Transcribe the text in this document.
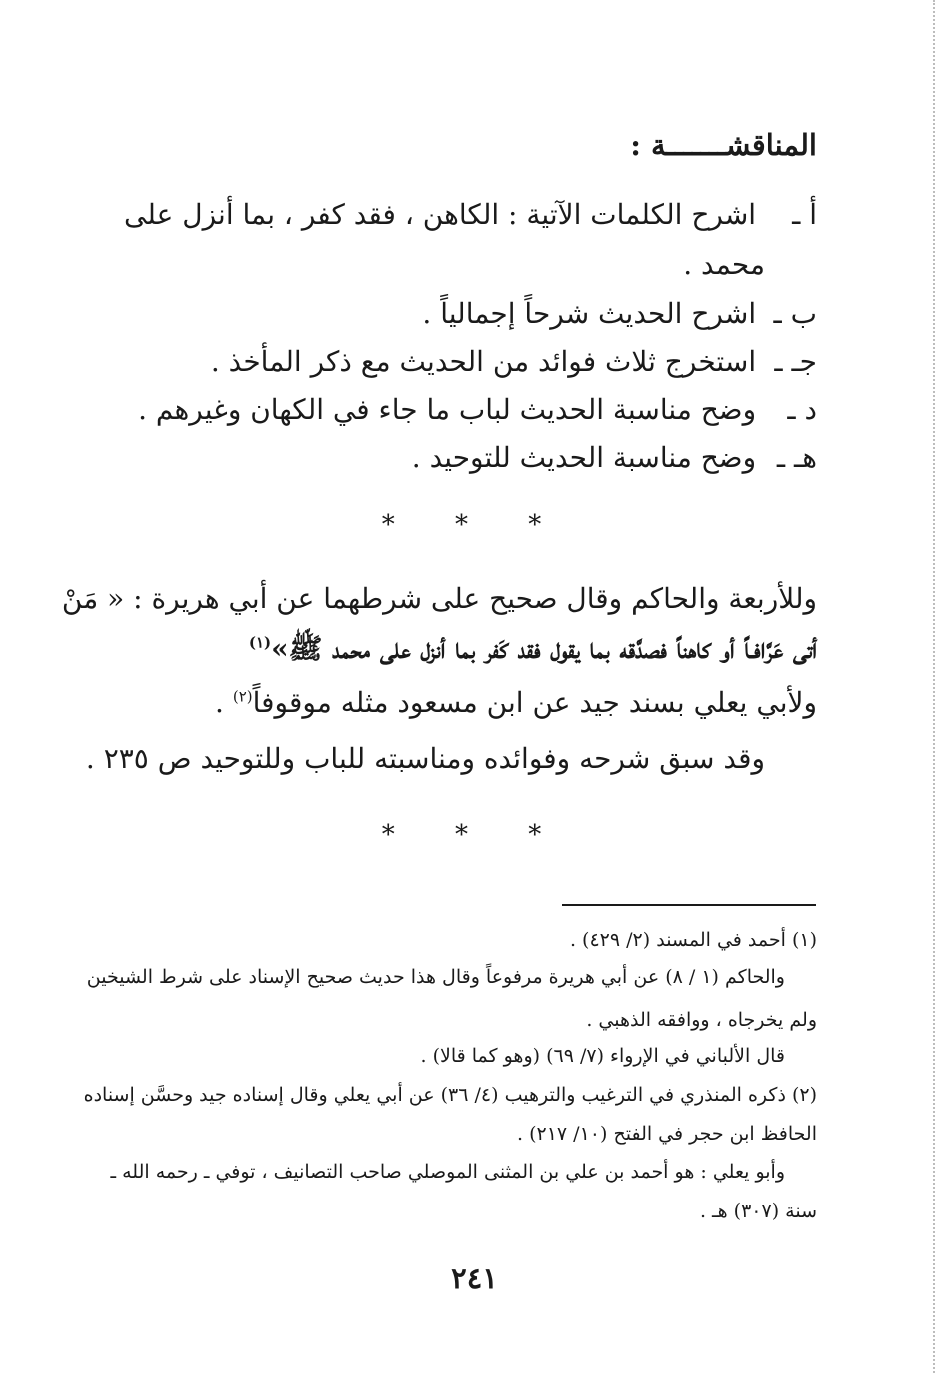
المناقشـــــــة :
أ ـ اشرح الكلمات الآتية : الكاهن ، فقد كفر ، بما أنزل على
محمد .
ب ـ اشرح الحديث شرحاً إجمالياً .
جـ ـ استخرج ثلاث فوائد من الحديث مع ذكر المأخذ .
د ـ وضح مناسبة الحديث لباب ما جاء في الكهان وغيرهم .
هـ ـ وضح مناسبة الحديث للتوحيد .
* * *
وللأربعة والحاكم وقال صحيح على شرطهما عن أبي هريرة : « مَنْ
أتى عَرَّافـاً أو كاهناً فصدَّقه بما يقول فقد كَفر بما أنزل على محمد ﷺ»$^{(١)}$
ولأبي يعلي بسند جيد عن ابن مسعود مثله موقوفاً$^{(٢)}$ .
وقد سبق شرحه وفوائده ومناسبته للباب وللتوحيد ص ٢٣٥ .
* * *
(١) أحمد في المسند (٢/ ٤٢٩) .
والحاكم (١ / ٨) عن أبي هريرة مرفوعاً وقال هذا حديث صحيح الإسناد على شرط الشيخين
ولم يخرجاه ، ووافقه الذهبي .
قال الألباني في الإرواء (٧/ ٦٩) (وهو كما قالا) .
(٢) ذكره المنذري في الترغيب والترهيب (٤/ ٣٦) عن أبي يعلي وقال إسناده جيد وحسَّن إسناده
الحافظ ابن حجر في الفتح (١٠/ ٢١٧) .
وأبو يعلي : هو أحمد بن علي بن المثنى الموصلي صاحب التصانيف ، توفي ـ رحمه الله ـ
سنة (٣٠٧) هـ .
٢٤١
